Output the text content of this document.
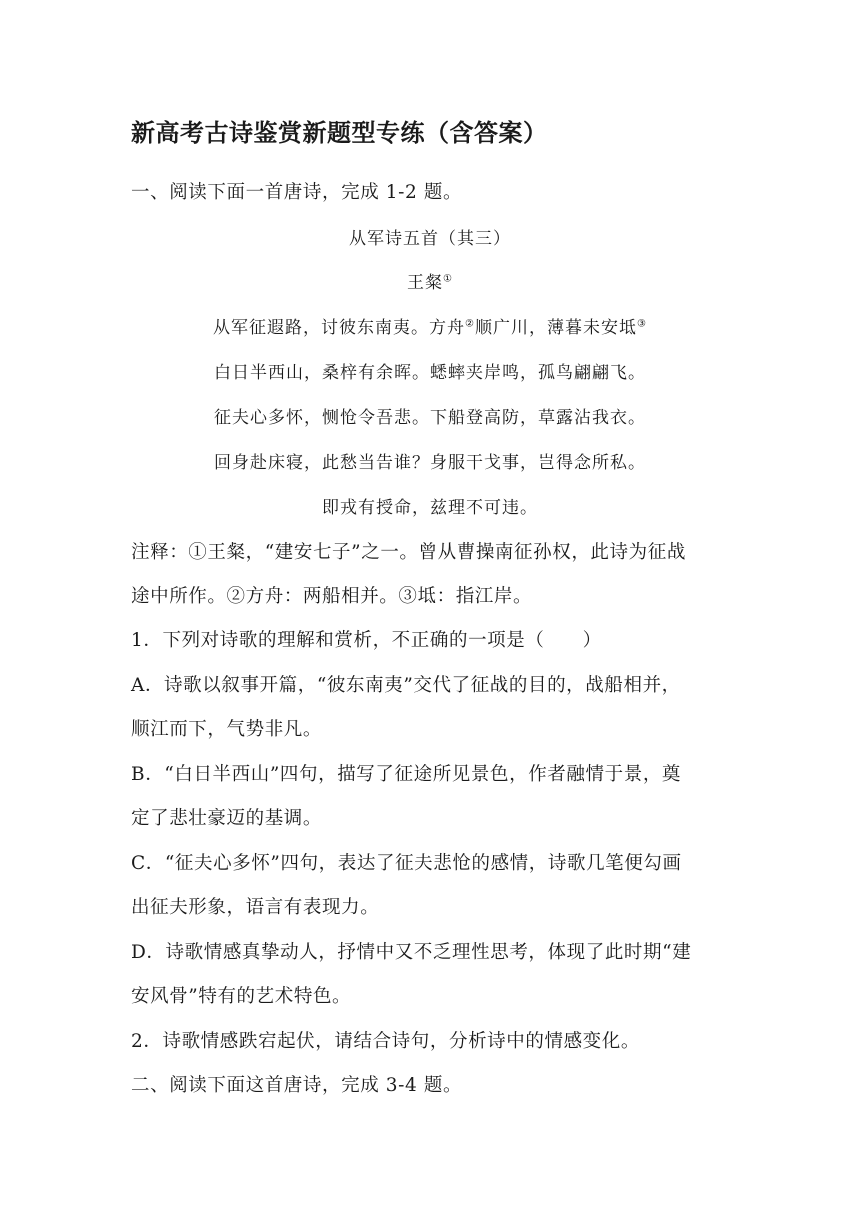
新高考古诗鉴赏新题型专练（含答案）
一、阅读下面一首唐诗，完成 1-2 题。
从军诗五首（其三）
王粲①
从军征遐路，讨彼东南夷。方舟②顺广川，薄暮未安坻③
白日半西山，桑梓有余晖。蟋蟀夹岸鸣，孤鸟翩翩飞。
征夫心多怀，恻怆令吾悲。下船登高防，草露沾我衣。
回身赴床寝，此愁当告谁？身服干戈事，岂得念所私。
即戎有授命，兹理不可违。
注释：①王粲，“建安七子”之一。曾从曹操南征孙权，此诗为征战
途中所作。②方舟：两船相并。③坻：指江岸。
1．下列对诗歌的理解和赏析，不正确的一项是（　　）
A．诗歌以叙事开篇，“彼东南夷”交代了征战的目的，战船相并，
顺江而下，气势非凡。
B．“白日半西山”四句，描写了征途所见景色，作者融情于景，奠
定了悲壮豪迈的基调。
C．“征夫心多怀”四句，表达了征夫悲怆的感情，诗歌几笔便勾画
出征夫形象，语言有表现力。
D．诗歌情感真挚动人，抒情中又不乏理性思考，体现了此时期“建
安风骨”特有的艺术特色。
2．诗歌情感跌宕起伏，请结合诗句，分析诗中的情感变化。
二、阅读下面这首唐诗，完成 3-4 题。
